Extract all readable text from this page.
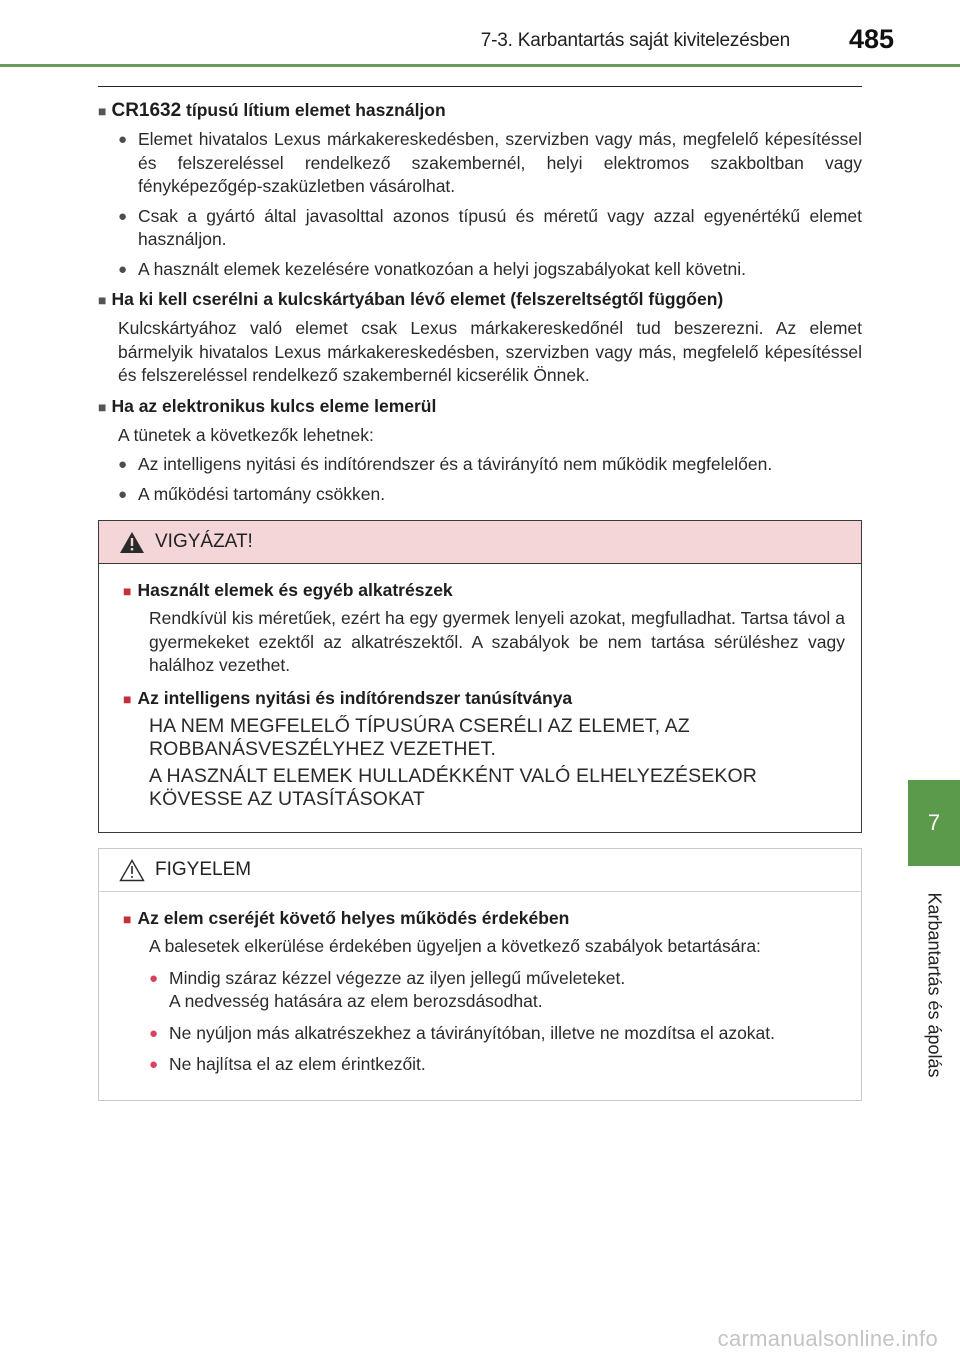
7-3. Karbantartás saját kivitelezésben 485
7
Karbantartás és ápolás
■ CR1632 típusú lítium elemet használjon
● Elemet hivatalos Lexus márkakereskedésben, szervizben vagy más, megfelelő képesítéssel és felszereléssel rendelkező szakembernél, helyi elektromos szakboltban vagy fényképezőgép-szaküzletben vásárolhat.
● Csak a gyártó által javasolttal azonos típusú és méretű vagy azzal egyenértékű elemet használjon.
● A használt elemek kezelésére vonatkozóan a helyi jogszabályokat kell követni.
■ Ha ki kell cserélni a kulcskártyában lévő elemet (felszereltségtől függően)
Kulcskártyához való elemet csak Lexus márkakereskedőnél tud beszerezni. Az elemet bármelyik hivatalos Lexus márkakereskedésben, szervizben vagy más, megfelelő képesítéssel és felszereléssel rendelkező szakembernél kicserélik Önnek.
■ Ha az elektronikus kulcs eleme lemerül
A tünetek a következők lehetnek:
● Az intelligens nyitási és indítórendszer és a távirányító nem működik megfelelően.
● A működési tartomány csökken.
VIGYÁZAT!
■ Használt elemek és egyéb alkatrészek
Rendkívül kis méretűek, ezért ha egy gyermek lenyeli azokat, megfulladhat. Tartsa távol a gyermekeket ezektől az alkatrészektől. A szabályok be nem tartása sérüléshez vagy halálhoz vezethet.
■ Az intelligens nyitási és indítórendszer tanúsítványa
HA NEM MEGFELELŐ TÍPUSÚRA CSERÉLI AZ ELEMET, AZ ROBBANÁSVESZÉLYHEZ VEZETHET.
A HASZNÁLT ELEMEK HULLADÉKKÉNT VALÓ ELHELYEZÉSEKOR KÖVESSE AZ UTASÍTÁSOKAT
FIGYELEM
■ Az elem cseréjét követő helyes működés érdekében
A balesetek elkerülése érdekében ügyeljen a következő szabályok betartására:
● Mindig száraz kézzel végezze az ilyen jellegű műveleteket.
A nedvesség hatására az elem berozsdásodhat.
● Ne nyúljon más alkatrészekhez a távirányítóban, illetve ne mozdítsa el azokat.
● Ne hajlítsa el az elem érintkezőit.
carmanualsonline.info
